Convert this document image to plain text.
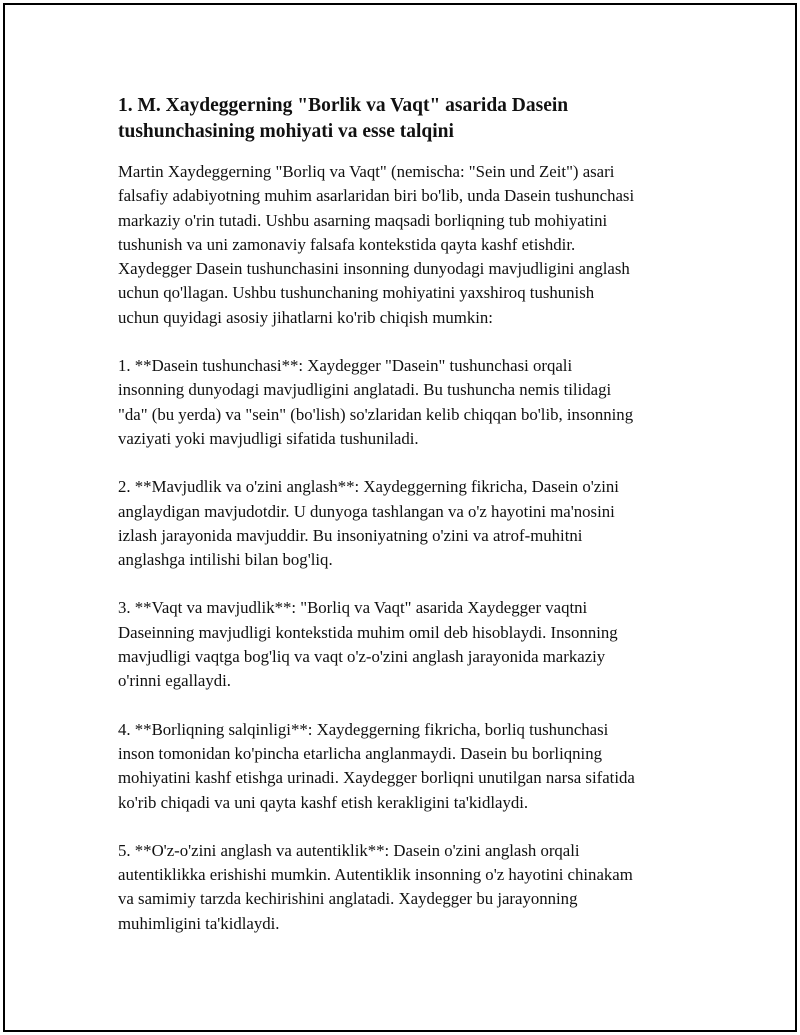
1. M. Xaydeggerning "Borlik va Vaqt" asarida Dasein
tushunchasining mohiyati va esse talqini
Martin Xaydeggerning "Borliq va Vaqt" (nemischa: "Sein und Zeit") asari
falsafiy adabiyotning muhim asarlaridan biri bo'lib, unda Dasein tushunchasi
markaziy o'rin tutadi. Ushbu asarning maqsadi borliqning tub mohiyatini
tushunish va uni zamonaviy falsafa kontekstida qayta kashf etishdir.
Xaydegger Dasein tushunchasini insonning dunyodagi mavjudligini anglash
uchun qo'llagan. Ushbu tushunchaning mohiyatini yaxshiroq tushunish
uchun quyidagi asosiy jihatlarni ko'rib chiqish mumkin:
1. **Dasein tushunchasi**: Xaydegger "Dasein" tushunchasi orqali
insonning dunyodagi mavjudligini anglatadi. Bu tushuncha nemis tilidagi
"da" (bu yerda) va "sein" (bo'lish) so'zlaridan kelib chiqqan bo'lib, insonning
vaziyati yoki mavjudligi sifatida tushuniladi.
2. **Mavjudlik va o'zini anglash**: Xaydeggerning fikricha, Dasein o'zini
anglaydigan mavjudotdir. U dunyoga tashlangan va o'z hayotini ma'nosini
izlash jarayonida mavjuddir. Bu insoniyatning o'zini va atrof-muhitni
anglashga intilishi bilan bog'liq.
3. **Vaqt va mavjudlik**: "Borliq va Vaqt" asarida Xaydegger vaqtni
Daseinning mavjudligi kontekstida muhim omil deb hisoblaydi. Insonning
mavjudligi vaqtga bog'liq va vaqt o'z-o'zini anglash jarayonida markaziy
o'rinni egallaydi.
4. **Borliqning salqinligi**: Xaydeggerning fikricha, borliq tushunchasi
inson tomonidan ko'pincha etarlicha anglanmaydi. Dasein bu borliqning
mohiyatini kashf etishga urinadi. Xaydegger borliqni unutilgan narsa sifatida
ko'rib chiqadi va uni qayta kashf etish kerakligini ta'kidlaydi.
5. **O'z-o'zini anglash va autentiklik**: Dasein o'zini anglash orqali
autentiklikka erishishi mumkin. Autentiklik insonning o'z hayotini chinakam
va samimiy tarzda kechirishini anglatadi. Xaydegger bu jarayonning
muhimligini ta'kidlaydi.
